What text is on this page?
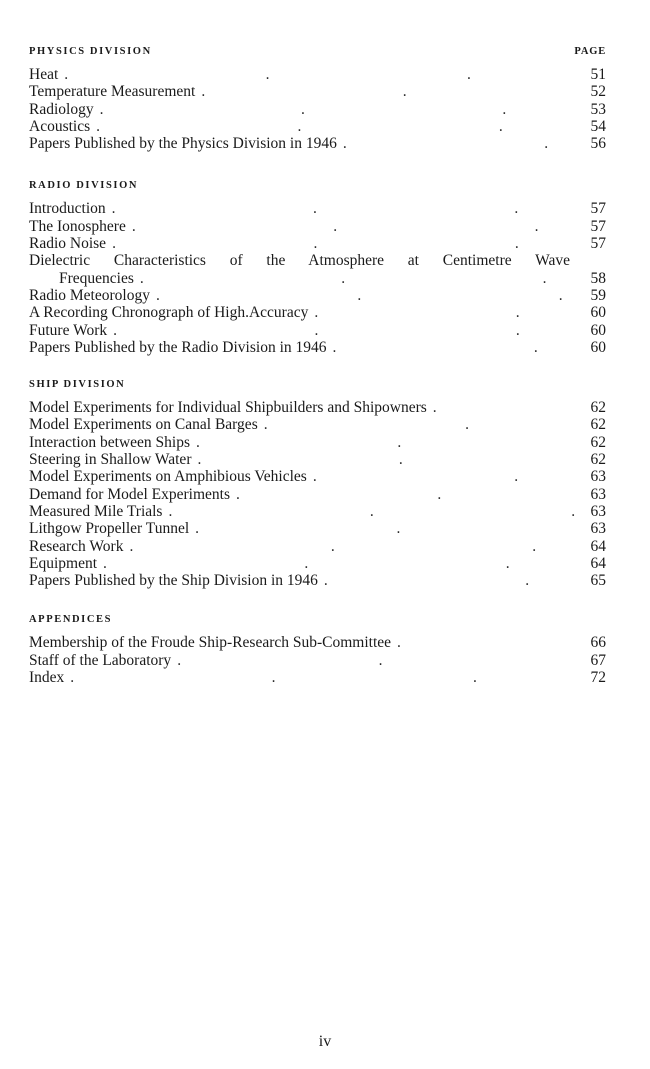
PHYSICS DIVISION	PAGE
Heat .	51
Temperature Measurement .	52
Radiology .	53
Acoustics .	54
Papers Published by the Physics Division in 1946 .	56
RADIO DIVISION
Introduction .	57
The Ionosphere .	57
Radio Noise .	57
Dielectric Characteristics of the Atmosphere at Centimetre Wave
Frequencies .	58
Radio Meteorology .	59
A Recording Chronograph of High.Accuracy .	60
Future Work .	60
Papers Published by the Radio Division in 1946 .	60
SHIP DIVISION
Model Experiments for Individual Shipbuilders and Shipowners .	62
Model Experiments on Canal Barges .	62
Interaction between Ships .	62
Steering in Shallow Water .	62
Model Experiments on Amphibious Vehicles .	63
Demand for Model Experiments .	63
Measured Mile Trials .	63
Lithgow Propeller Tunnel .	63
Research Work .	64
Equipment .	64
Papers Published by the Ship Division in 1946 .	65
APPENDICES
Membership of the Froude Ship-Research Sub-Committee .	66
Staff of the Laboratory .	67
Index .	72
iv
